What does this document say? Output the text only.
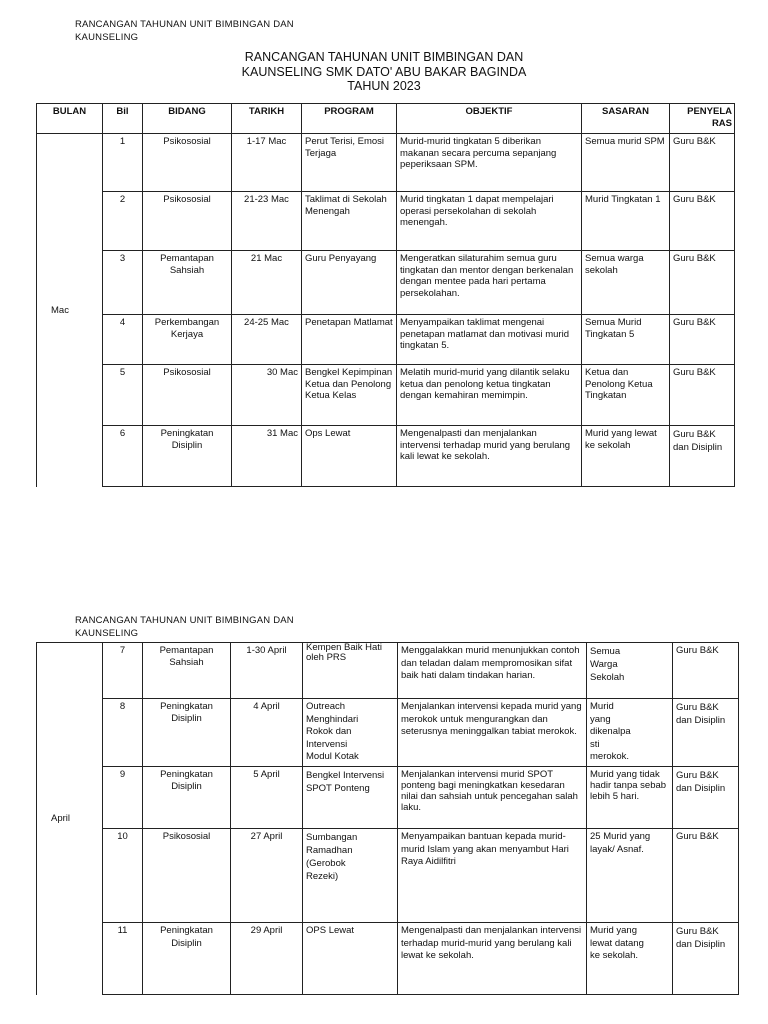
RANCANGAN TAHUNAN UNIT BIMBINGAN DAN KAUNSELING
RANCANGAN TAHUNAN UNIT BIMBINGAN DAN
KAUNSELING SMK DATO' ABU BAKAR BAGINDA
TAHUN 2023
BULAN	Bil	BIDANG	TARIKH	PROGRAM	OBJEKTIF	SASARAN	PENYELA RAS
Mac	1	Psikososial	1-17 Mac	Perut Terisi, Emosi Terjaga	Murid-murid tingkatan 5 diberikan makanan secara percuma sepanjang peperiksaan SPM.	Semua murid SPM	Guru B&K
	2	Psikososial	21-23 Mac	Taklimat di Sekolah Menengah	Murid tingkatan 1 dapat mempelajari operasi persekolahan di sekolah menengah.	Murid Tingkatan 1	Guru B&K
	3	Pemantapan Sahsiah	21 Mac	Guru Penyayang	Mengeratkan silaturahim semua guru tingkatan dan mentor dengan berkenalan dengan mentee pada hari pertama persekolahan.	Semua warga sekolah	Guru B&K
	4	Perkembangan Kerjaya	24-25 Mac	Penetapan Matlamat	Menyampaikan taklimat mengenai penetapan matlamat dan motivasi murid tingkatan 5.	Semua Murid Tingkatan 5	Guru B&K
	5	Psikososial	30 Mac	Bengkel Kepimpinan Ketua dan Penolong Ketua Kelas	Melatih murid-murid yang dilantik selaku ketua dan penolong ketua tingkatan dengan kemahiran memimpin.	Ketua dan Penolong Ketua Tingkatan	Guru B&K
	6	Peningkatan Disiplin	31 Mac	Ops Lewat	Mengenalpasti dan menjalankan intervensi terhadap murid yang berulang kali lewat ke sekolah.	Murid yang lewat ke sekolah	Guru B&K dan Disiplin
RANCANGAN TAHUNAN UNIT BIMBINGAN DAN KAUNSELING
April	7	Pemantapan Sahsiah	1-30 April	Kempen Baik Hati oleh PRS	Menggalakkan murid menunjukkan contoh dan teladan dalam mempromosikan sifat baik hati dalam tindakan harian.	Semua Warga Sekolah	Guru B&K
	8	Peningkatan Disiplin	4 April	Outreach Menghindari Rokok dan Intervensi Modul Kotak	Menjalankan intervensi kepada murid yang merokok untuk mengurangkan dan seterusnya meninggalkan tabiat merokok.	Murid yang dikenalpa sti merokok.	Guru B&K dan Disiplin
	9	Peningkatan Disiplin	5 April	Bengkel Intervensi SPOT Ponteng	Menjalankan intervensi murid SPOT ponteng bagi meningkatkan kesedaran nilai dan sahsiah untuk pencegahan salah laku.	Murid yang tidak hadir tanpa sebab lebih 5 hari.	Guru B&K dan Disiplin
	10	Psikososial	27 April	Sumbangan Ramadhan (Gerobok Rezeki)	Menyampaikan bantuan kepada murid-murid Islam yang akan menyambut Hari Raya Aidilfitri	25 Murid yang layak/ Asnaf.	Guru B&K
	11	Peningkatan Disiplin	29 April	OPS Lewat	Mengenalpasti dan menjalankan intervensi terhadap murid-murid yang berulang kali lewat ke sekolah.	Murid yang lewat datang ke sekolah.	Guru B&K dan Disiplin
